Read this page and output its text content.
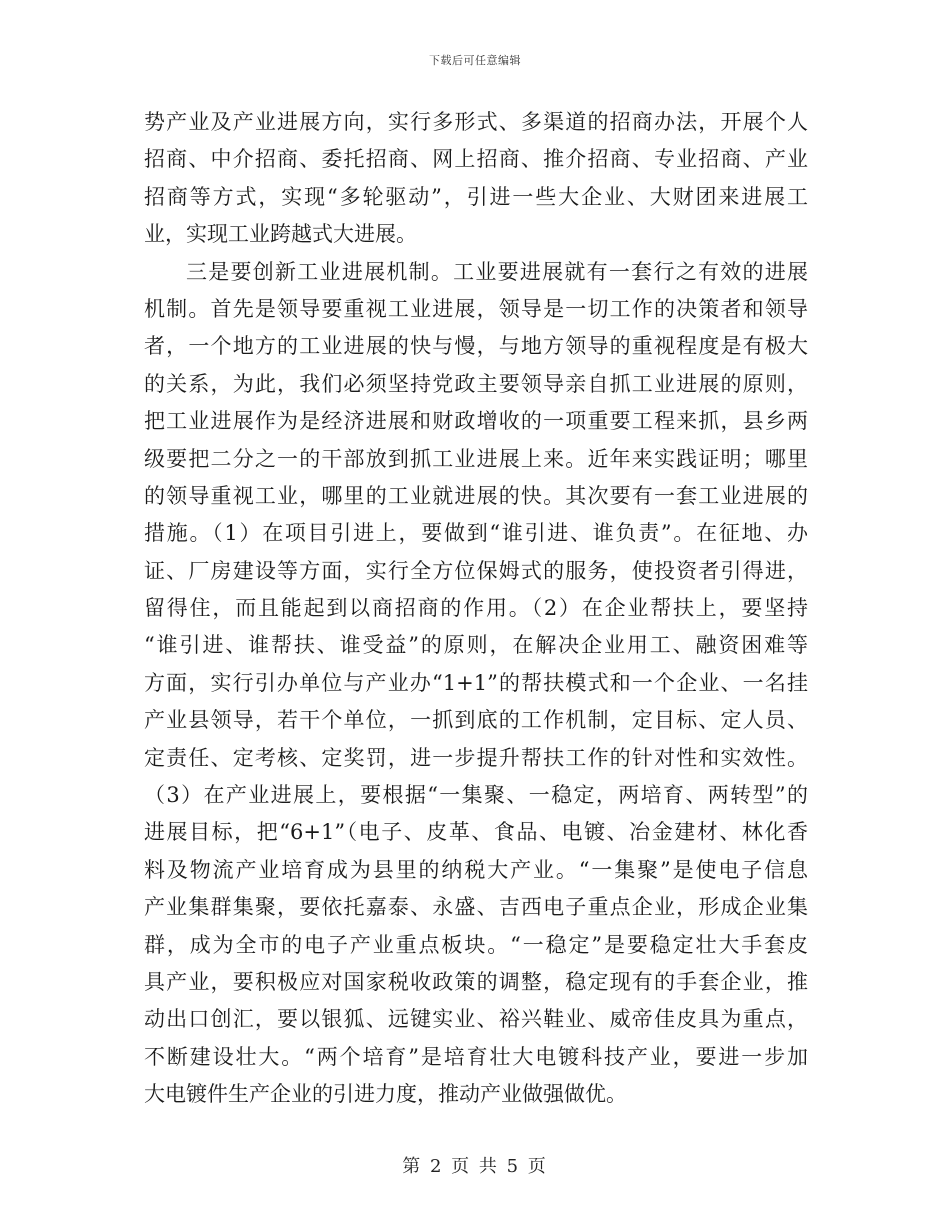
下载后可任意编辑
势产业及产业进展方向，实行多形式、多渠道的招商办法，开展个人
招商、中介招商、委托招商、网上招商、推介招商、专业招商、产业
招商等方式，实现“多轮驱动”，引进一些大企业、大财团来进展工
业，实现工业跨越式大进展。
三是要创新工业进展机制。工业要进展就有一套行之有效的进展
机制。首先是领导要重视工业进展，领导是一切工作的决策者和领导
者，一个地方的工业进展的快与慢，与地方领导的重视程度是有极大
的关系，为此，我们必须坚持党政主要领导亲自抓工业进展的原则，
把工业进展作为是经济进展和财政增收的一项重要工程来抓，县乡两
级要把二分之一的干部放到抓工业进展上来。近年来实践证明；哪里
的领导重视工业，哪里的工业就进展的快。其次要有一套工业进展的
措施。（1）在项目引进上，要做到“谁引进、谁负责”。在征地、办
证、厂房建设等方面，实行全方位保姆式的服务，使投资者引得进，
留得住，而且能起到以商招商的作用。（2）在企业帮扶上，要坚持
“谁引进、谁帮扶、谁受益”的原则，在解决企业用工、融资困难等
方面，实行引办单位与产业办“1+1”的帮扶模式和一个企业、一名挂
产业县领导，若干个单位，一抓到底的工作机制，定目标、定人员、
定责任、定考核、定奖罚，进一步提升帮扶工作的针对性和实效性。
（3）在产业进展上，要根据“一集聚、一稳定，两培育、两转型”的
进展目标，把“6+1”（电子、皮革、食品、电镀、冶金建材、林化香
料及物流产业培育成为县里的纳税大产业。“一集聚”是使电子信息
产业集群集聚，要依托嘉泰、永盛、吉西电子重点企业，形成企业集
群，成为全市的电子产业重点板块。“一稳定”是要稳定壮大手套皮
具产业，要积极应对国家税收政策的调整，稳定现有的手套企业，推
动出口创汇，要以银狐、远键实业、裕兴鞋业、威帝佳皮具为重点，
不断建设壮大。“两个培育”是培育壮大电镀科技产业，要进一步加
大电镀件生产企业的引进力度，推动产业做强做优。
第 2 页 共 5 页
